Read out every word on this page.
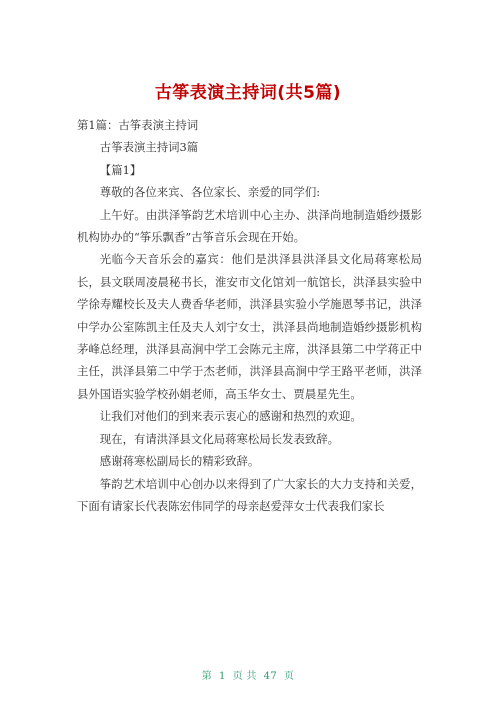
古筝表演主持词(共5篇)

第1篇：古筝表演主持词

古筝表演主持词3篇

【篇1】

尊敬的各位来宾、各位家长、亲爱的同学们:

上午好。由洪泽筝韵艺术培训中心主办、洪泽尚地制造婚纱摄影机构协办的“筝乐飘香”古筝音乐会现在开始。

光临今天音乐会的嘉宾：他们是洪泽县洪泽县文化局蒋寒松局长，县文联周凌晨秘书长，淮安市文化馆刘一航馆长，洪泽县实验中学徐寿耀校长及夫人费香华老师，洪泽县实验小学施恩琴书记，洪泽中学办公室陈凯主任及夫人刘宁女士，洪泽县尚地制造婚纱摄影机构茅峰总经理，洪泽县高涧中学工会陈元主席，洪泽县第二中学蒋正中主任，洪泽县第二中学于杰老师，洪泽县高涧中学王路平老师，洪泽县外国语实验学校孙娟老师，高玉华女士、贾晨星先生。

让我们对他们的到来表示衷心的感谢和热烈的欢迎。

现在，有请洪泽县文化局蒋寒松局长发表致辞。

感谢蒋寒松副局长的精彩致辞。

筝韵艺术培训中心创办以来得到了广大家长的大力支持和关爱，下面有请家长代表陈宏伟同学的母亲赵爱萍女士代表我们家长

第  1  页 共  47  页
